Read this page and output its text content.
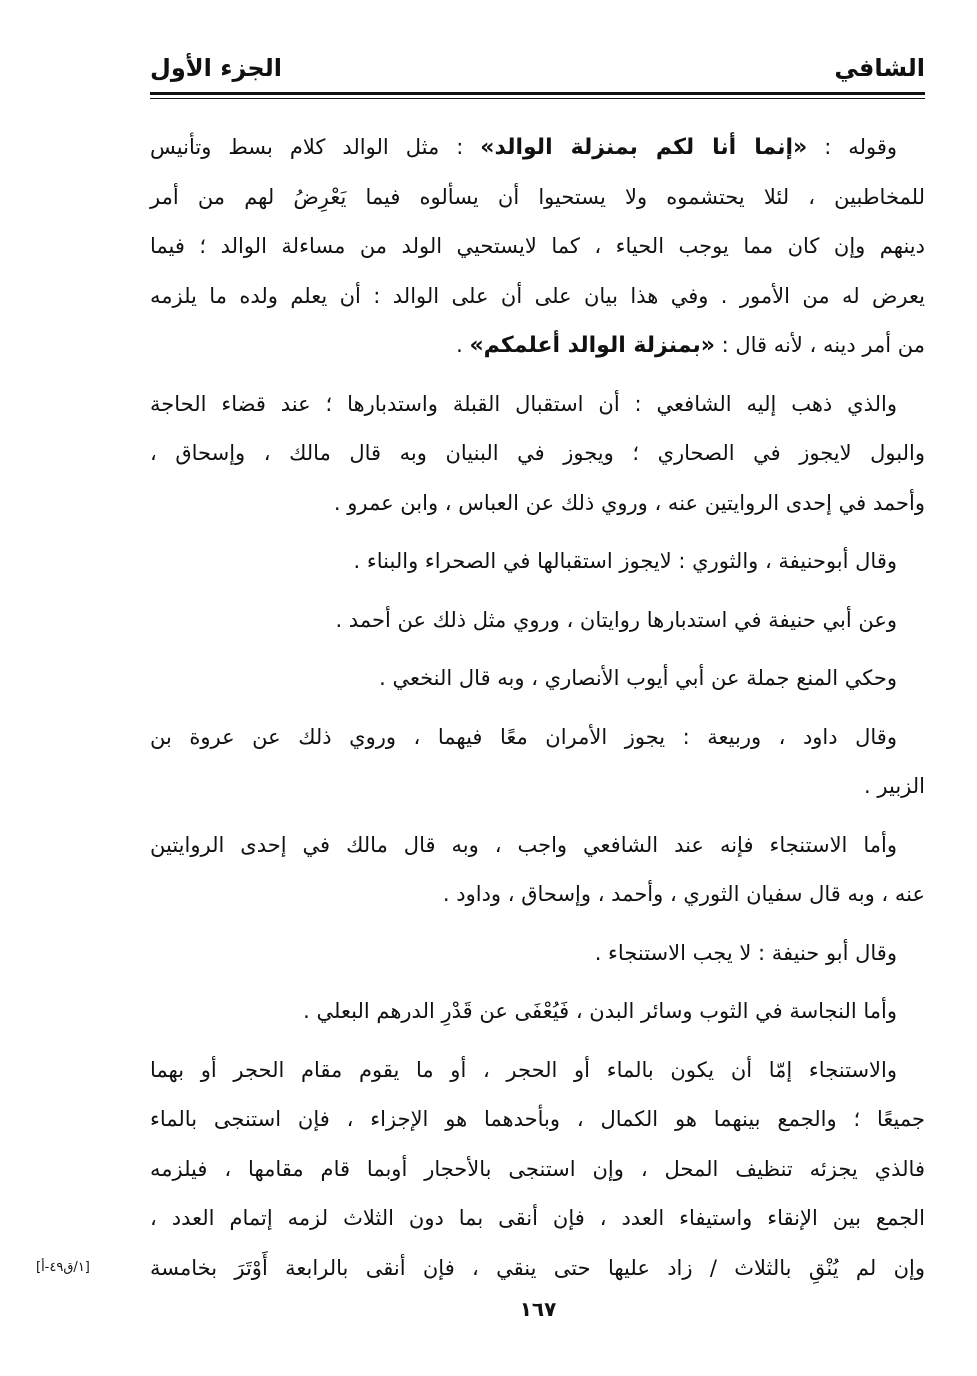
الشافي
الجزء الأول
وقوله : «إنما أنا لكم بمنزلة الوالد» : مثل الوالد كلام بسط وتأنيس
للمخاطبين ، لئلا يحتشموه ولا يستحيوا أن يسألوه فيما يَعْرِضُ لهم من أمر
دينهم وإن كان مما يوجب الحياء ، كما لايستحيي الولد من مساءلة الوالد ؛ فيما
يعرض له من الأمور . وفي هذا بيان على أن على الوالد : أن يعلم ولده ما يلزمه
من أمر دينه ، لأنه قال : «بمنزلة الوالد أعلمكم» .
والذي ذهب إليه الشافعي : أن استقبال القبلة واستدبارها ؛ عند قضاء الحاجة
والبول لايجوز في الصحاري ؛ ويجوز في البنيان وبه قال مالك ، وإسحاق ،
وأحمد في إحدى الروايتين عنه ، وروي ذلك عن العباس ، وابن عمرو .
وقال أبوحنيفة ، والثوري : لايجوز استقبالها في الصحراء والبناء .
وعن أبي حنيفة في استدبارها روايتان ، وروي مثل ذلك عن أحمد .
وحكي المنع جملة عن أبي أيوب الأنصاري ، وبه قال النخعي .
وقال داود ، وربيعة : يجوز الأمران معًا فيهما ، وروي ذلك عن عروة بن
الزبير .
وأما الاستنجاء فإنه عند الشافعي واجب ، وبه قال مالك في إحدى الروايتين
عنه ، وبه قال سفيان الثوري ، وأحمد ، وإسحاق ، وداود .
وقال أبو حنيفة : لا يجب الاستنجاء .
وأما النجاسة في الثوب وسائر البدن ، فَيُعْفَى عن قَدْرِ الدرهم البعلي .
والاستنجاء إمّا أن يكون بالماء أو الحجر ، أو ما يقوم مقام الحجر أو بهما
جميعًا ؛ والجمع بينهما هو الكمال ، وبأحدهما هو الإجزاء ، فإن استنجى بالماء
فالذي يجزئه تنظيف المحل ، وإن استنجى بالأحجار أوبما قام مقامها ، فيلزمه
الجمع بين الإنقاء واستيفاء العدد ، فإن أنقى بما دون الثلاث لزمه إتمام العدد ،
وإن لم يُنْقِ بالثلاث / زاد عليها حتى ينقي ، فإن أنقى بالرابعة أَوْتَرَ بخامسة
[١/ق٤٩-أ]
١٦٧
